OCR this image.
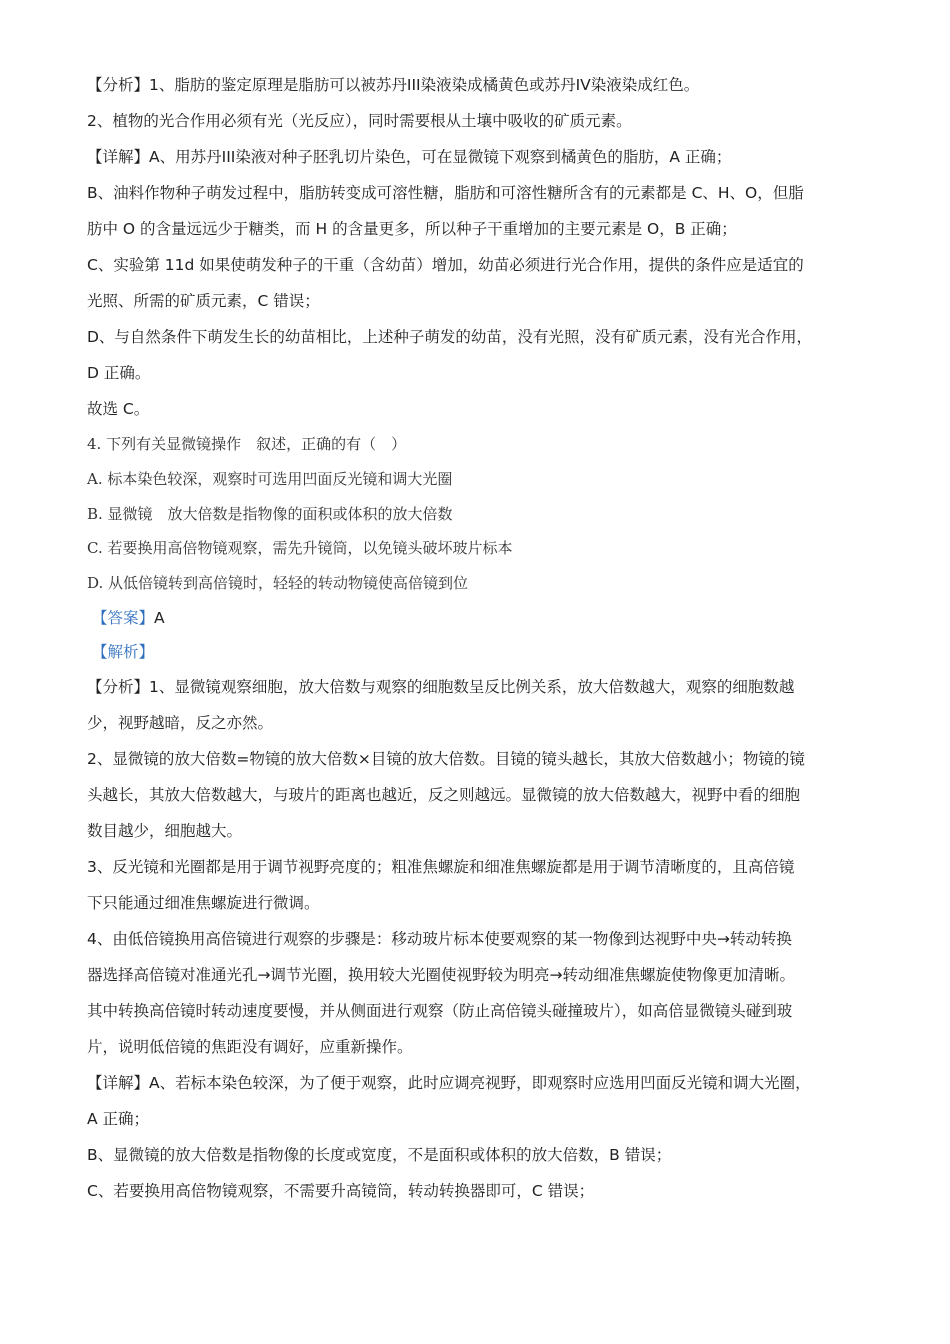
【分析】1、脂肪的鉴定原理是脂肪可以被苏丹III染液染成橘黄色或苏丹IV染液染成红色。

2、植物的光合作用必须有光（光反应），同时需要根从土壤中吸收的矿质元素。

【详解】A、用苏丹III染液对种子胚乳切片染色，可在显微镜下观察到橘黄色的脂肪，A 正确；

B、油料作物种子萌发过程中，脂肪转变成可溶性糖，脂肪和可溶性糖所含有的元素都是 C、H、O，但脂

肪中 O 的含量远远少于糖类，而 H 的含量更多，所以种子干重增加的主要元素是 O，B 正确；

C、实验第 11d 如果使萌发种子的干重（含幼苗）增加，幼苗必须进行光合作用，提供的条件应是适宜的

光照、所需的矿质元素，C 错误；

D、与自然条件下萌发生长的幼苗相比，上述种子萌发的幼苗，没有光照，没有矿质元素，没有光合作用，

D 正确。

故选 C。

4. 下列有关显微镜操作　叙述，正确的有（　）

A. 标本染色较深，观察时可选用凹面反光镜和调大光圈

B. 显微镜　放大倍数是指物像的面积或体积的放大倍数

C. 若要换用高倍物镜观察，需先升镜筒，以免镜头破坏玻片标本

D. 从低倍镜转到高倍镜时，轻轻的转动物镜使高倍镜到位

【答案】A

【解析】

【分析】1、显微镜观察细胞，放大倍数与观察的细胞数呈反比例关系，放大倍数越大，观察的细胞数越

少，视野越暗，反之亦然。

2、显微镜的放大倍数=物镜的放大倍数×目镜的放大倍数。目镜的镜头越长，其放大倍数越小；物镜的镜

头越长，其放大倍数越大，与玻片的距离也越近，反之则越远。显微镜的放大倍数越大，视野中看的细胞

数目越少，细胞越大。

3、反光镜和光圈都是用于调节视野亮度的；粗准焦螺旋和细准焦螺旋都是用于调节清晰度的，且高倍镜

下只能通过细准焦螺旋进行微调。

4、由低倍镜换用高倍镜进行观察的步骤是：移动玻片标本使要观察的某一物像到达视野中央→转动转换

器选择高倍镜对准通光孔→调节光圈，换用较大光圈使视野较为明亮→转动细准焦螺旋使物像更加清晰。

其中转换高倍镜时转动速度要慢，并从侧面进行观察（防止高倍镜头碰撞玻片），如高倍显微镜头碰到玻

片，说明低倍镜的焦距没有调好，应重新操作。

【详解】A、若标本染色较深，为了便于观察，此时应调亮视野，即观察时应选用凹面反光镜和调大光圈，

A 正确；

B、显微镜的放大倍数是指物像的长度或宽度，不是面积或体积的放大倍数，B 错误；

C、若要换用高倍物镜观察，不需要升高镜筒，转动转换器即可，C 错误；
